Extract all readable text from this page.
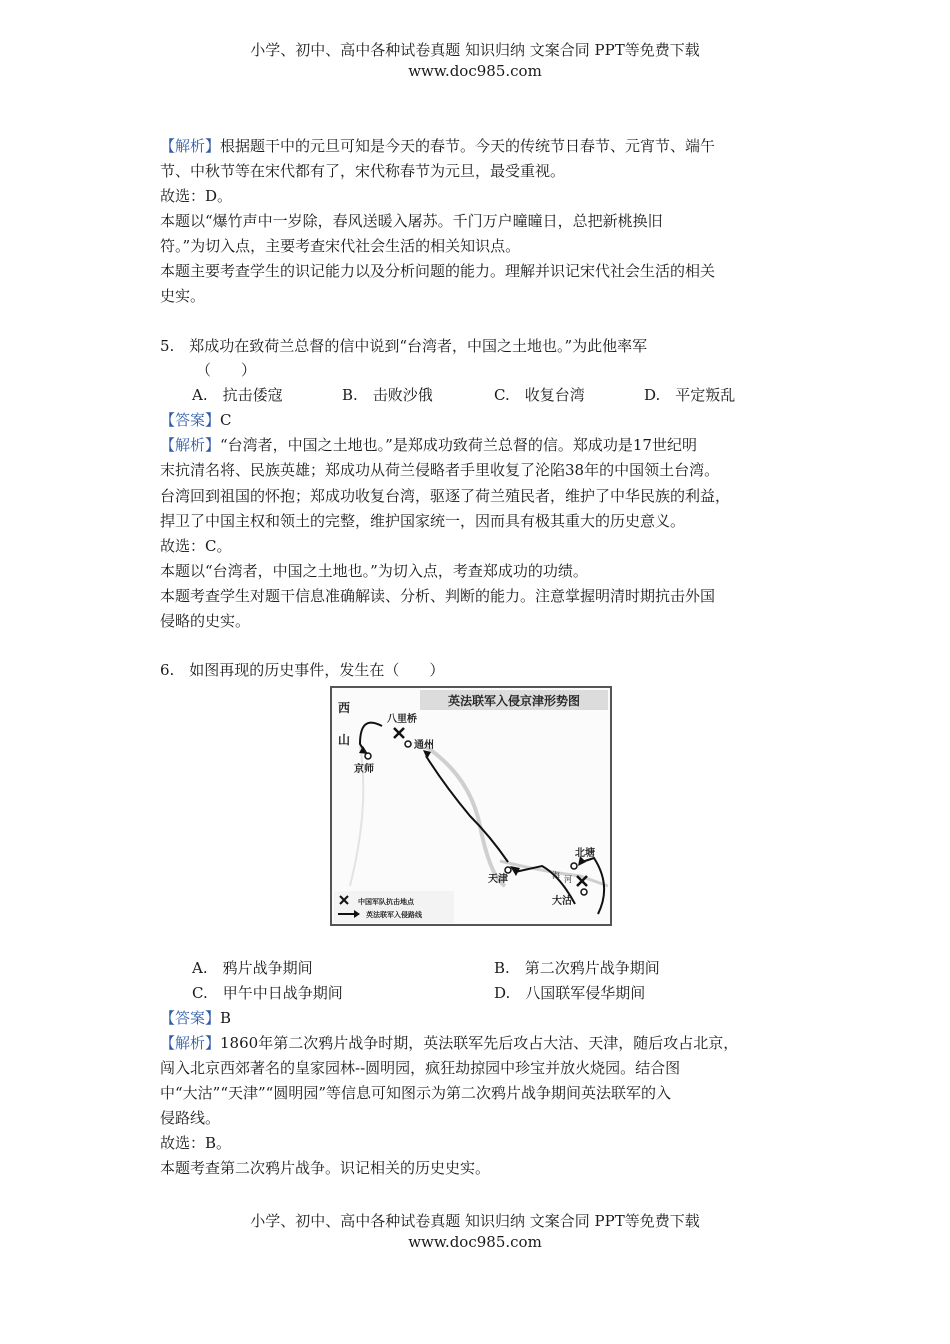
小学、初中、高中各种试卷真题 知识归纳 文案合同 PPT等免费下载
www.doc985.com
【解析】根据题干中的元旦可知是今天的春节。今天的传统节日春节、元宵节、端午
节、中秋节等在宋代都有了，宋代称春节为元旦，最受重视。
故选：D。
本题以“爆竹声中一岁除，春风送暖入屠苏。千门万户曈曈日，总把新桃换旧
符。”为切入点，主要考查宋代社会生活的相关知识点。
本题主要考查学生的识记能力以及分析问题的能力。理解并识记宋代社会生活的相关
史实。
5.　郑成功在致荷兰总督的信中说到“台湾者，中国之土地也。”为此他率军
（　　）
A.　抗击倭寇	B.　击败沙俄	C.　收复台湾	D.　平定叛乱
【答案】C
【解析】“台湾者，中国之土地也。”是郑成功致荷兰总督的信。郑成功是17世纪明
末抗清名将、民族英雄；郑成功从荷兰侵略者手里收复了沦陷38年的中国领土台湾。
台湾回到祖国的怀抱；郑成功收复台湾，驱逐了荷兰殖民者，维护了中华民族的利益，
捍卫了中国主权和领土的完整，维护国家统一，因而具有极其重大的历史意义。
故选：C。
本题以“台湾者，中国之土地也。”为切入点，考查郑成功的功绩。
本题考查学生对题干信息准确解读、分析、判断的能力。注意掌握明清时期抗击外国
侵略的史实。
6.　如图再现的历史事件，发生在（　　）
英法联军入侵京津形势图
西
山
八里桥
通州
京师
北塘
天津	海 河
大沽
中国军队抗击地点
英法联军入侵路线
A.　鸦片战争期间	B.　第二次鸦片战争期间
C.　甲午中日战争期间	D.　八国联军侵华期间
【答案】B
【解析】1860年第二次鸦片战争时期，英法联军先后攻占大沽、天津，随后攻占北京，
闯入北京西郊著名的皇家园林--圆明园，疯狂劫掠园中珍宝并放火烧园。结合图
中“大沽”“天津”“圆明园”等信息可知图示为第二次鸦片战争期间英法联军的入
侵路线。
故选：B。
本题考查第二次鸦片战争。识记相关的历史史实。
小学、初中、高中各种试卷真题 知识归纳 文案合同 PPT等免费下载
www.doc985.com
